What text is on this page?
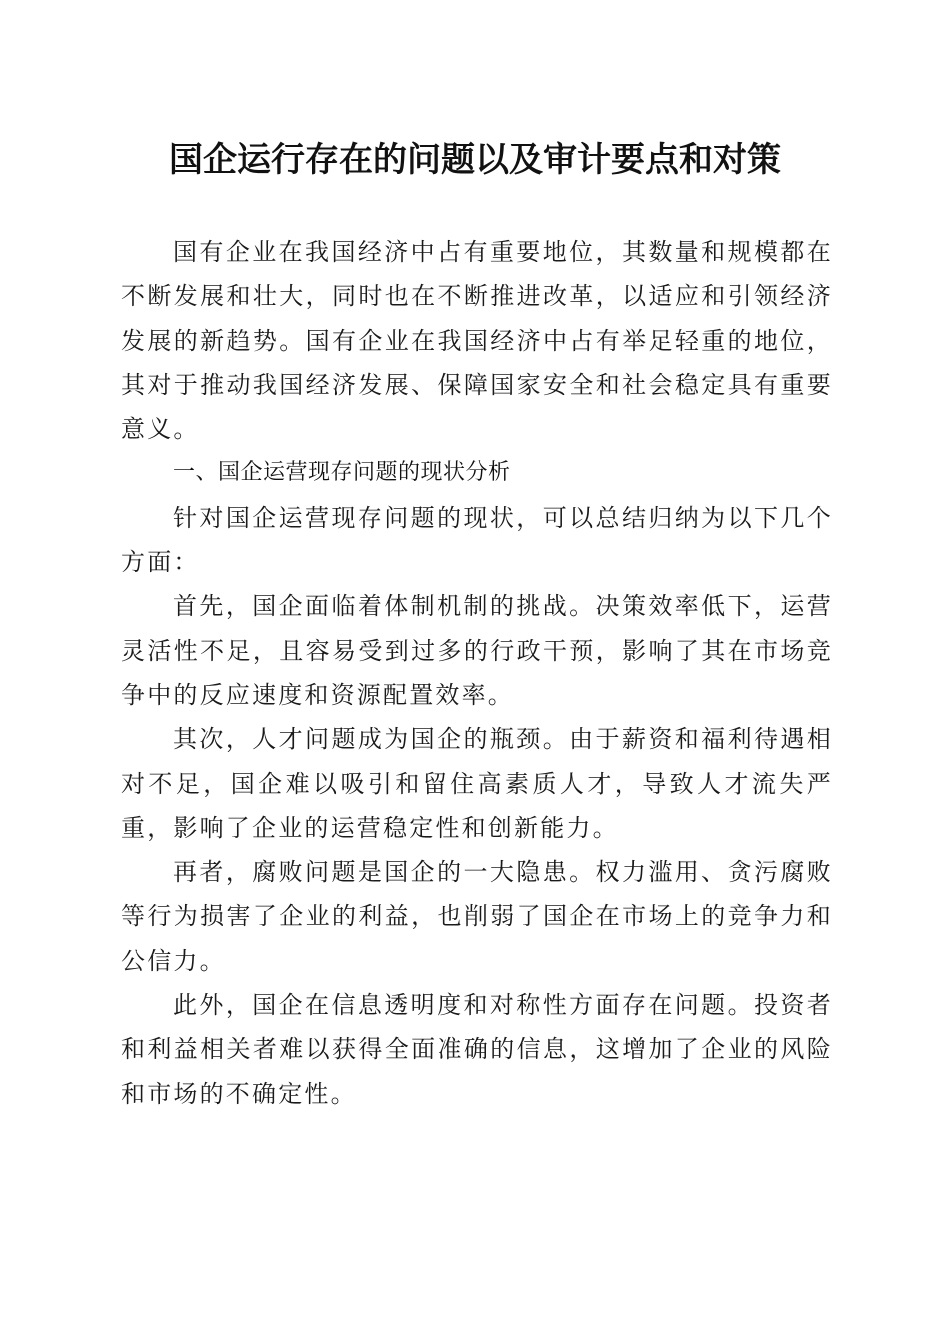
国企运行存在的问题以及审计要点和对策

国有企业在我国经济中占有重要地位，其数量和规模都在不断发展和壮大，同时也在不断推进改革，以适应和引领经济发展的新趋势。国有企业在我国经济中占有举足轻重的地位，其对于推动我国经济发展、保障国家安全和社会稳定具有重要意义。

一、国企运营现存问题的现状分析

针对国企运营现存问题的现状，可以总结归纳为以下几个方面：

首先，国企面临着体制机制的挑战。决策效率低下，运营灵活性不足，且容易受到过多的行政干预，影响了其在市场竞争中的反应速度和资源配置效率。

其次，人才问题成为国企的瓶颈。由于薪资和福利待遇相对不足，国企难以吸引和留住高素质人才，导致人才流失严重，影响了企业的运营稳定性和创新能力。

再者，腐败问题是国企的一大隐患。权力滥用、贪污腐败等行为损害了企业的利益，也削弱了国企在市场上的竞争力和公信力。

此外，国企在信息透明度和对称性方面存在问题。投资者和利益相关者难以获得全面准确的信息，这增加了企业的风险和市场的不确定性。
